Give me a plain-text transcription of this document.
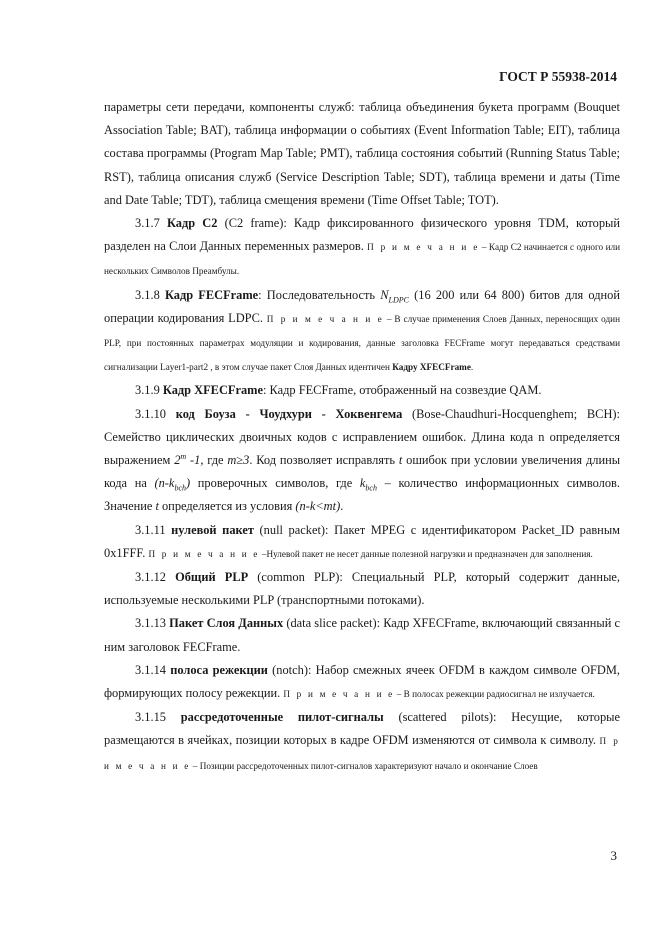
ГОСТ Р 55938-2014

параметры сети передачи, компоненты служб: таблица объединения букета программ (Bouquet Association Table; BAT), таблица информации о событиях (Event Information Table; EIT), таблица состава программы (Program Map Table; PMT), таблица состояния событий (Running Status Table; RST), таблица описания служб (Service Description Table; SDT), таблица времени и даты (Time and Date Table; TDT), таблица смещения времени (Time Offset Table; TOT).

3.1.7 Кадр C2 (C2 frame): Кадр фиксированного физического уровня TDM, который разделен на Слои Данных переменных размеров. П р и м е ч а н и е – Кадр C2 начинается с одного или нескольких Символов Преамбулы.

3.1.8 Кадр FECFrame: Последовательность $N_{LDPC}$ (16 200 или 64 800) битов для одной операции кодирования LDPC. П р и м е ч а н и е – В случае применения Слоев Данных, переносящих один PLP, при постоянных параметрах модуляции и кодирования, данные заголовка FECFrame могут передаваться средствами сигнализации Layer1-part2 , в этом случае пакет Слоя Данных идентичен Кадру XFECFrame.

3.1.9 Кадр XFECFrame: Кадр FECFrame, отображенный на созвездие QAM.

3.1.10 код Боуза - Чоудхури - Хоквенгема (Bose-Chaudhuri-Hocquenghem; BCH): Семейство циклических двоичных кодов с исправлением ошибок. Длина кода n определяется выражением 2$^m$ -1, где m≥3. Код позволяет исправлять t ошибок при условии увеличения длины кода на $(n-k_{bch})$ проверочных символов, где $k_{bch}$ – количество информационных символов. Значение t определяется из условия (n-k<mt).

3.1.11 нулевой пакет (null packet): Пакет MPEG с идентификатором Packet_ID равным 0x1FFF. П р и м е ч а н и е –Нулевой пакет не несет данные полезной нагрузки и предназначен для заполнения.

3.1.12 Общий PLP (common PLP): Специальный PLP, который содержит данные, используемые несколькими PLP (транспортными потоками).

3.1.13 Пакет Слоя Данных (data slice packet): Кадр XFECFrame, включающий связанный с ним заголовок FECFrame.

3.1.14 полоса режекции (notch): Набор смежных ячеек OFDM в каждом символе OFDM, формирующих полосу режекции. П р и м е ч а н и е – В полосах режекции радиосигнал не излучается.

3.1.15 рассредоточенные пилот-сигналы (scattered pilots): Несущие, которые размещаются в ячейках, позиции которых в кадре OFDM изменяются от символа к символу. П р и м е ч а н и е – Позиции рассредоточенных пилот-сигналов характеризуют начало и окончание Слоев

3
